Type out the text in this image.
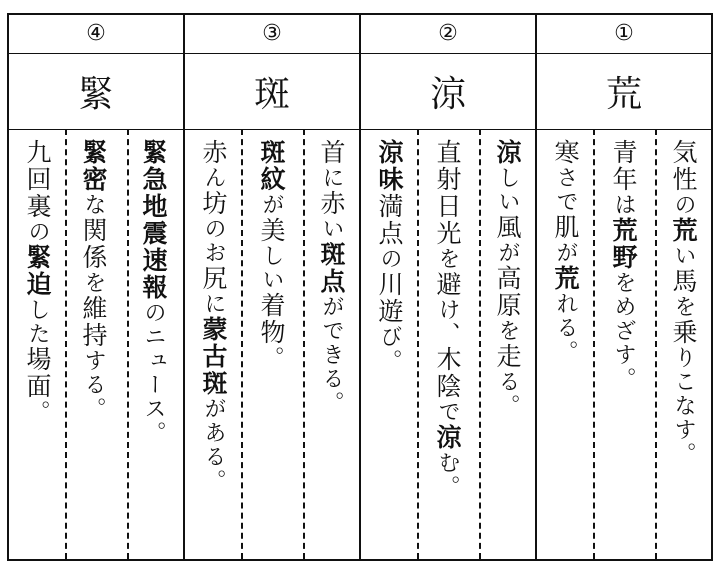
④
緊
緊急地震速報のニュース。
緊密な関係を維持する。
九回裏の緊迫した場面。
③
斑
首に赤い斑点ができる。
斑紋が美しい着物。
赤ん坊のお尻に蒙古斑がある。
②
涼
涼しい風が高原を走る。
直射日光を避け、木陰で涼む。
涼味満点の川遊び。
①
荒
気性の荒い馬を乗りこなす。
青年は荒野をめざす。
寒さで肌が荒れる。
